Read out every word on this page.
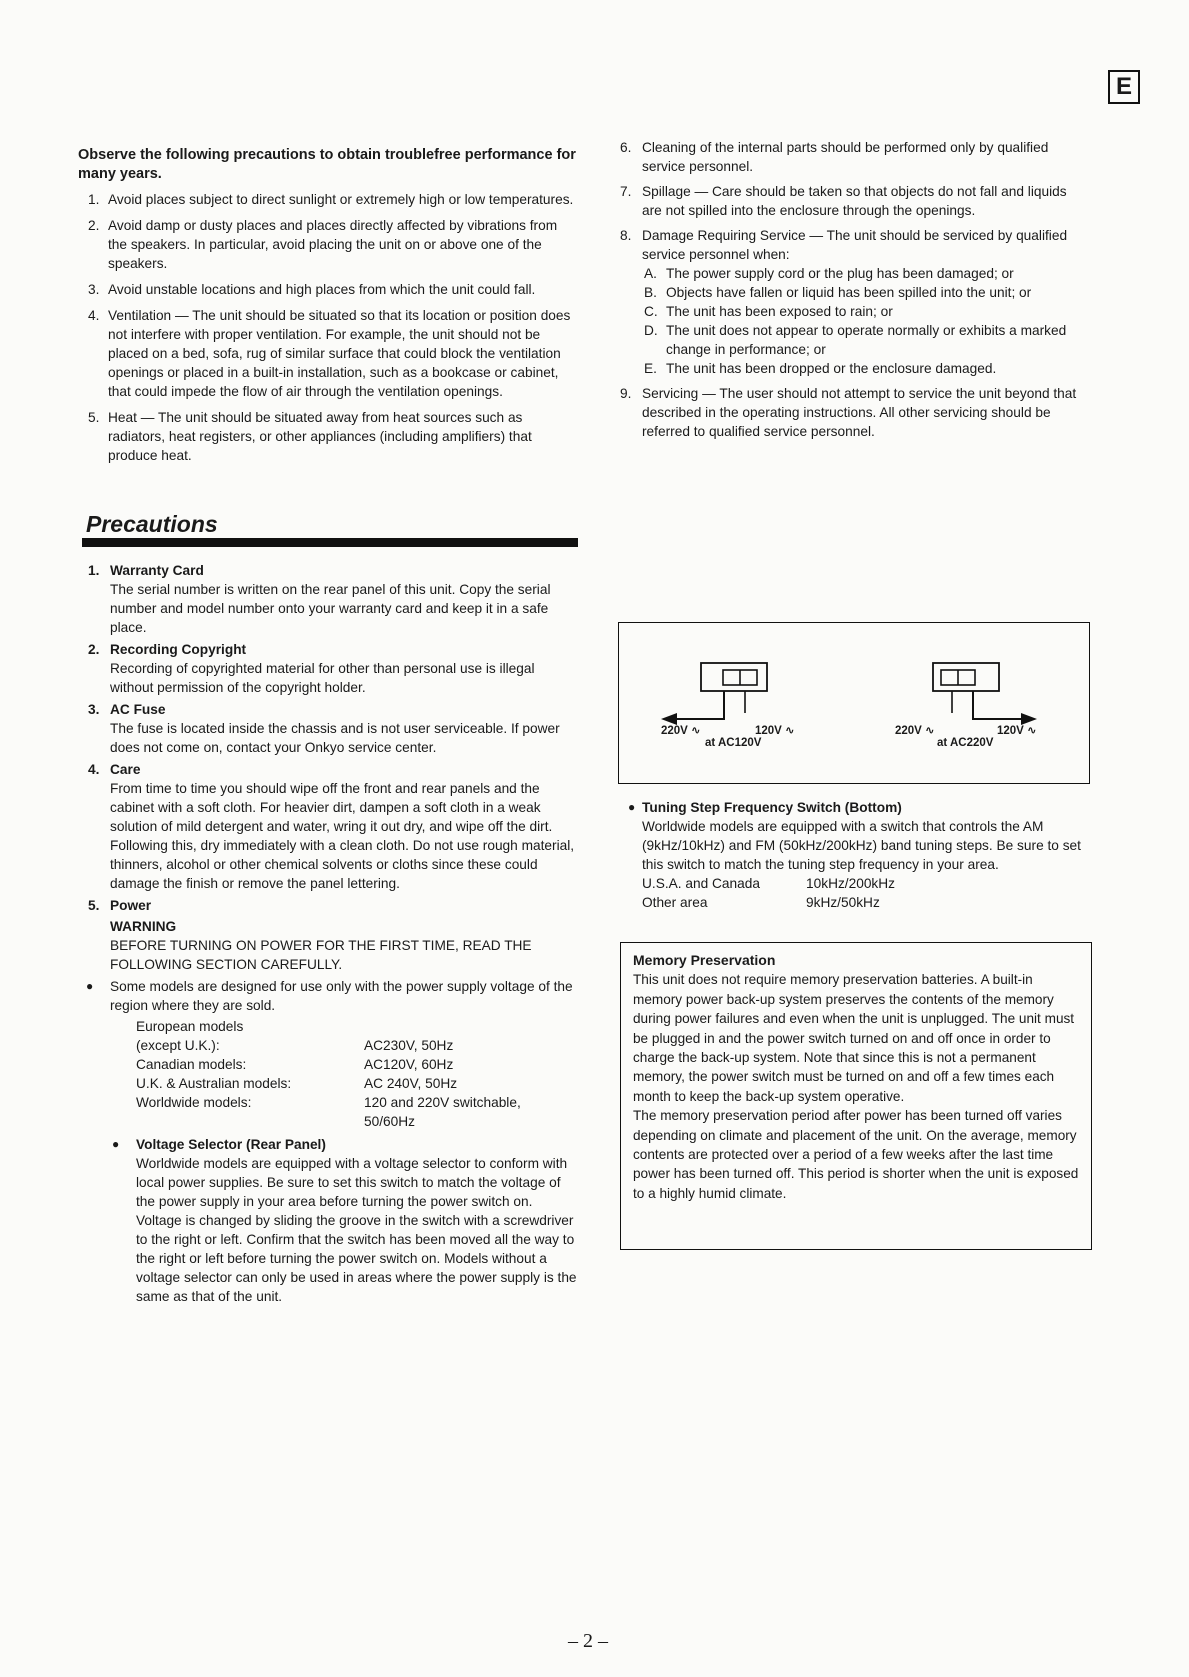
E
Observe the following precautions to obtain troublefree performance for many years.
1. Avoid places subject to direct sunlight or extremely high or low temperatures.
2. Avoid damp or dusty places and places directly affected by vibrations from the speakers. In particular, avoid placing the unit on or above one of the speakers.
3. Avoid unstable locations and high places from which the unit could fall.
4. Ventilation — The unit should be situated so that its location or position does not interfere with proper ventilation. For example, the unit should not be placed on a bed, sofa, rug of similar surface that could block the ventilation openings or placed in a built-in installation, such as a bookcase or cabinet, that could impede the flow of air through the ventilation openings.
5. Heat — The unit should be situated away from heat sources such as radiators, heat registers, or other appliances (including amplifiers) that produce heat.
Precautions
1. Warranty Card
The serial number is written on the rear panel of this unit. Copy the serial number and model number onto your warranty card and keep it in a safe place.
2. Recording Copyright
Recording of copyrighted material for other than personal use is illegal without permission of the copyright holder.
3. AC Fuse
The fuse is located inside the chassis and is not user serviceable. If power does not come on, contact your Onkyo service center.
4. Care
From time to time you should wipe off the front and rear panels and the cabinet with a soft cloth. For heavier dirt, dampen a soft cloth in a weak solution of mild detergent and water, wring it out dry, and wipe off the dirt. Following this, dry immediately with a clean cloth. Do not use rough material, thinners, alcohol or other chemical solvents or cloths since these could damage the finish or remove the panel lettering.
5. Power
WARNING
BEFORE TURNING ON POWER FOR THE FIRST TIME, READ THE FOLLOWING SECTION CAREFULLY.
● Some models are designed for use only with the power supply voltage of the region where they are sold.
European models
(except U.K.):	AC230V, 50Hz
Canadian models:	AC120V, 60Hz
U.K. & Australian models:	AC 240V, 50Hz
Worldwide models:	120 and 220V switchable, 50/60Hz
● Voltage Selector (Rear Panel)
Worldwide models are equipped with a voltage selector to conform with local power supplies. Be sure to set this switch to match the voltage of the power supply in your area before turning the power switch on. Voltage is changed by sliding the groove in the switch with a screwdriver to the right or left. Confirm that the switch has been moved all the way to the right or left before turning the power switch on. Models without a voltage selector can only be used in areas where the power supply is the same as that of the unit.
6. Cleaning of the internal parts should be performed only by qualified service personnel.
7. Spillage — Care should be taken so that objects do not fall and liquids are not spilled into the enclosure through the openings.
8. Damage Requiring Service — The unit should be serviced by qualified service personnel when:
A. The power supply cord or the plug has been damaged; or
B. Objects have fallen or liquid has been spilled into the unit; or
C. The unit has been exposed to rain; or
D. The unit does not appear to operate normally or exhibits a marked change in performance; or
E. The unit has been dropped or the enclosure damaged.
9. Servicing — The user should not attempt to service the unit beyond that described in the operating instructions. All other servicing should be referred to qualified service personnel.
220V ∿	120V ∿
at AC120V
220V ∿	120V ∿
at AC220V
● Tuning Step Frequency Switch (Bottom)
Worldwide models are equipped with a switch that controls the AM (9kHz/10kHz) and FM (50kHz/200kHz) band tuning steps. Be sure to set this switch to match the tuning step frequency in your area.
U.S.A. and Canada	10kHz/200kHz
Other area	9kHz/50kHz
Memory Preservation
This unit does not require memory preservation batteries. A built-in memory power back-up system preserves the contents of the memory during power failures and even when the unit is unplugged. The unit must be plugged in and the power switch turned on and off once in order to charge the back-up system. Note that since this is not a permanent memory, the power switch must be turned on and off a few times each month to keep the back-up system operative.
The memory preservation period after power has been turned off varies depending on climate and placement of the unit. On the average, memory contents are protected over a period of a few weeks after the last time power has been turned off. This period is shorter when the unit is exposed to a highly humid climate.
– 2 –
